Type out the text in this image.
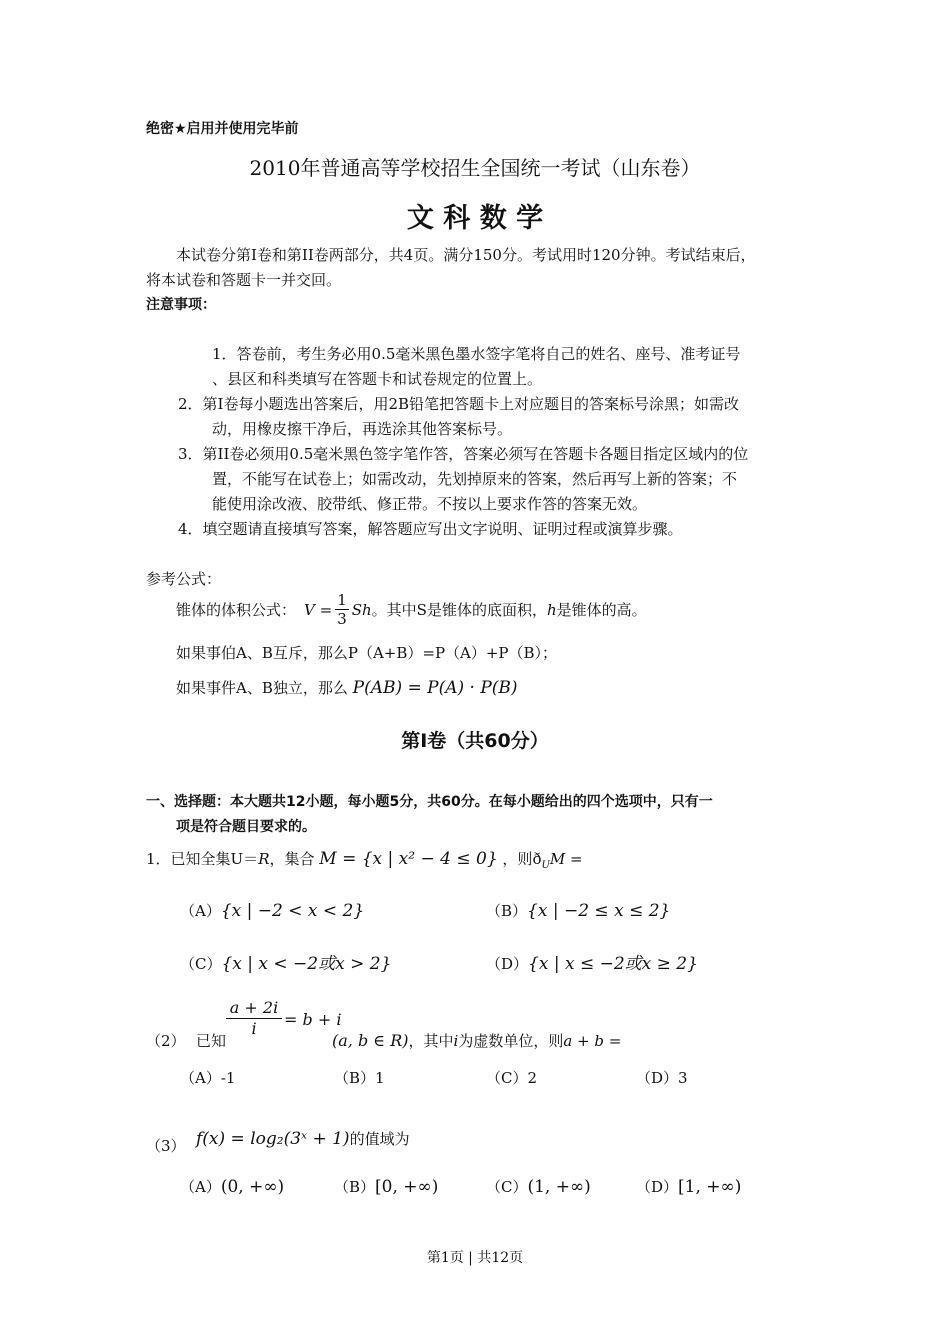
绝密★启用并使用完毕前
2010年普通高等学校招生全国统一考试（山东卷）
文 科 数 学
本试卷分第I卷和第II卷两部分，共4页。满分150分。考试用时120分钟。考试结束后，
将本试卷和答题卡一并交回。
注意事项：
1．答卷前，考生务必用0.5毫米黑色墨水签字笔将自己的姓名、座号、准考证号
、县区和科类填写在答题卡和试卷规定的位置上。
2．第I卷每小题选出答案后，用2B铅笔把答题卡上对应题目的答案标号涂黑；如需改
动，用橡皮擦干净后，再选涂其他答案标号。
3．第II卷必须用0.5毫米黑色签字笔作答，答案必须写在答题卡各题目指定区域内的位
置，不能写在试卷上；如需改动，先划掉原来的答案，然后再写上新的答案；不
能使用涂改液、胶带纸、修正带。不按以上要求作答的答案无效。
4．填空题请直接填写答案，解答题应写出文字说明、证明过程或演算步骤。
参考公式：
锥体的体积公式： $V = \frac{1}{3}$ Sh 。其中S是锥体的底面积， h 是锥体的高。
如果事伯A、B互斥，那么P（A+B）=P（A）+P（B）；
如果事件A、B独立，那么 P(AB) = P(A) · P(B)
第Ⅰ卷（共60分）
一、选择题：本大题共12小题，每小题5分，共60分。在每小题给出的四个选项中，只有一
项是符合题目要求的。
1．已知全集U＝R，集合 M = {x | x² − 4 ≤ 0} ，则$ð_UM$ =
（A）{x | −2 < x < 2}	（B）{x | −2 ≤ x ≤ 2}
（C）{x | x < −2或x > 2}	（D）{x | x ≤ −2或x ≥ 2}
（2） 已知
$\frac{a + 2i}{i} = b + i$
(a, b ∈ R)，其中i为虚数单位，则a + b =
（A）-1	（B）1	（C）2	（D）3
（3） f(x) = log₂(3ˣ + 1)的值域为
（A）(0, +∞)	（B）[0, +∞)	（C）(1, +∞)	（D）[1, +∞)
第1页 | 共12页
